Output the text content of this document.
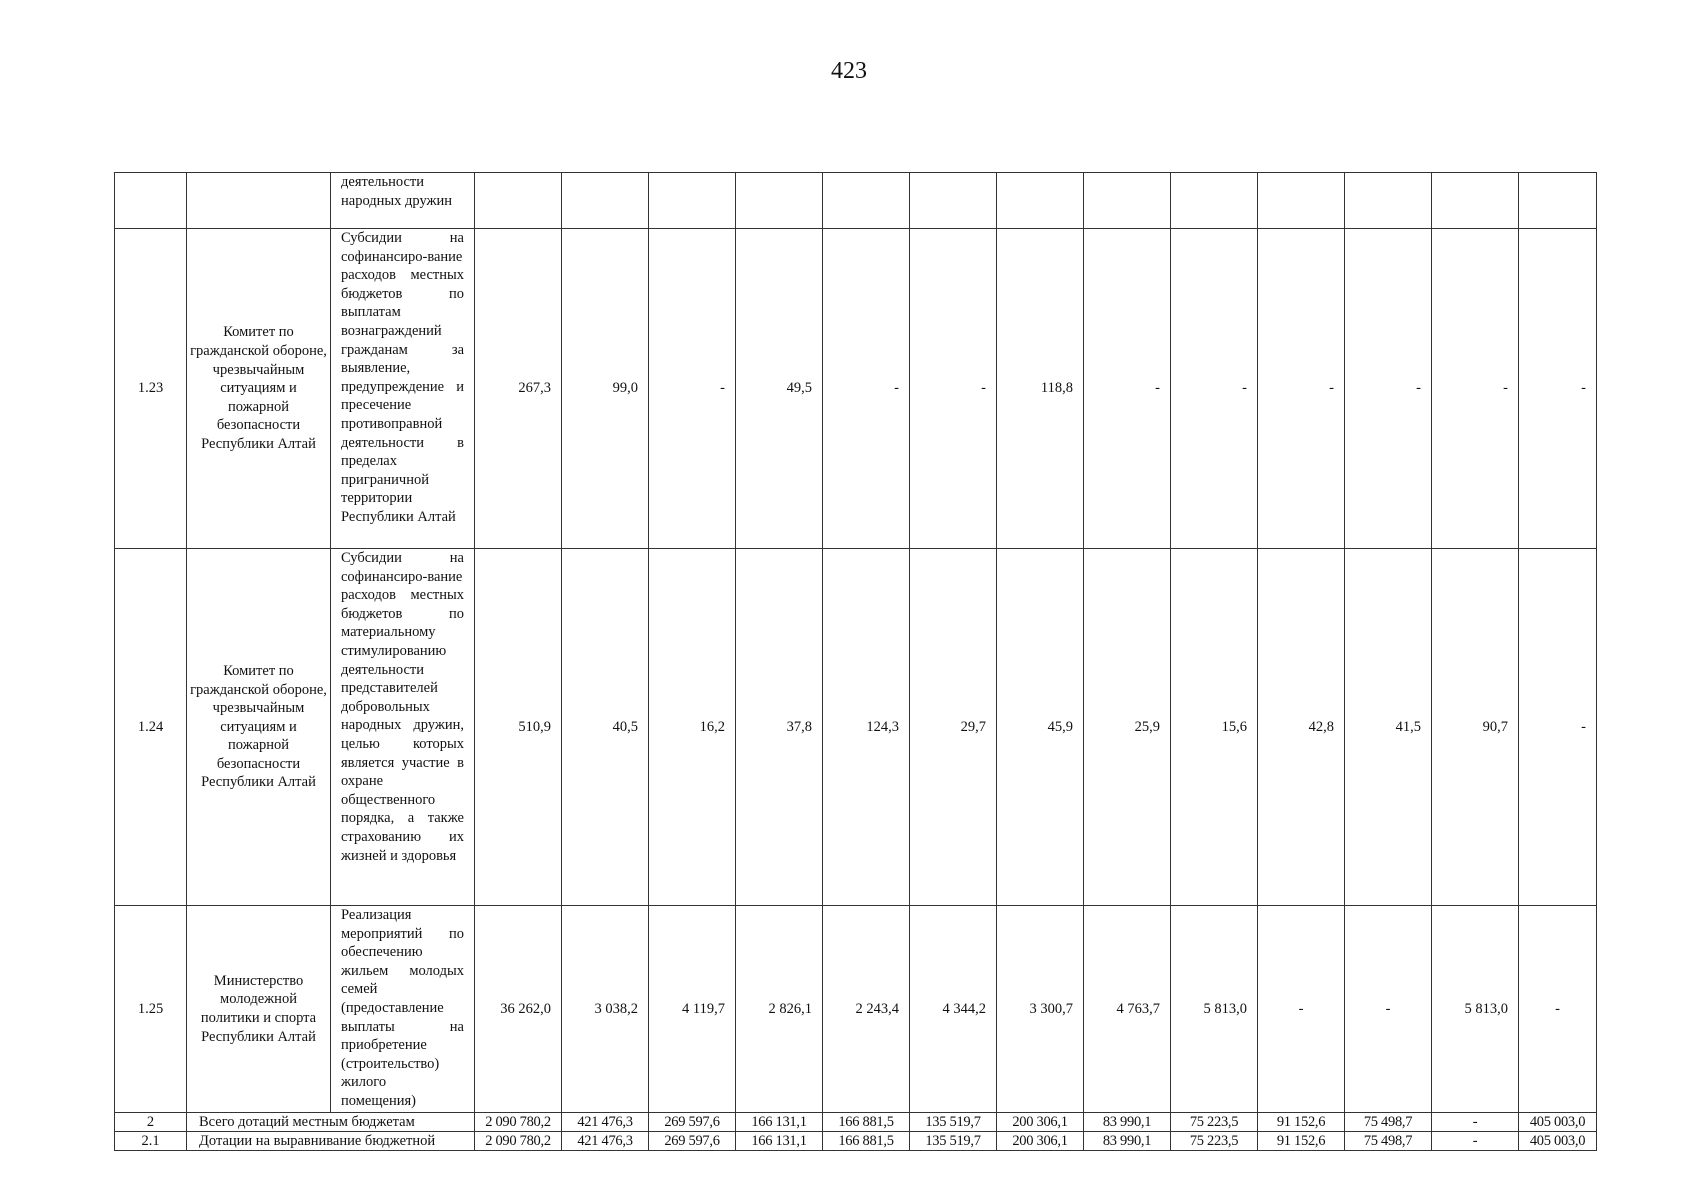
423
		деятельности народных дружин													
1.23	Комитет по гражданской обороне, чрезвычайным ситуациям и пожарной безопасности Республики Алтай	Субсидии на софинансиро-вание расходов местных бюджетов по выплатам вознаграждений гражданам за выявление, предупреждение и пресечение противоправной деятельности в пределах приграничной территории Республики Алтай	267,3	99,0	-	49,5	-	-	118,8	-	-	-	-	-	-
1.24	Комитет по гражданской обороне, чрезвычайным ситуациям и пожарной безопасности Республики Алтай	Субсидии на софинансиро-вание расходов местных бюджетов по материальному стимулированию деятельности представителей добровольных народных дружин, целью которых является участие в охране общественного порядка, а также страхованию их жизней и здоровья	510,9	40,5	16,2	37,8	124,3	29,7	45,9	25,9	15,6	42,8	41,5	90,7	-
1.25	Министерство молодежной политики и спорта Республики Алтай	Реализация мероприятий по обеспечению жильем молодых семей (предоставление выплаты на приобретение (строительство) жилого помещения)	36 262,0	3 038,2	4 119,7	2 826,1	2 243,4	4 344,2	3 300,7	4 763,7	5 813,0	-	-	5 813,0	-
2	Всего дотаций местным бюджетам		2 090 780,2	421 476,3	269 597,6	166 131,1	166 881,5	135 519,7	200 306,1	83 990,1	75 223,5	91 152,6	75 498,7	-	405 003,0
2.1	Дотации на выравнивание бюджетной		2 090 780,2	421 476,3	269 597,6	166 131,1	166 881,5	135 519,7	200 306,1	83 990,1	75 223,5	91 152,6	75 498,7	-	405 003,0
